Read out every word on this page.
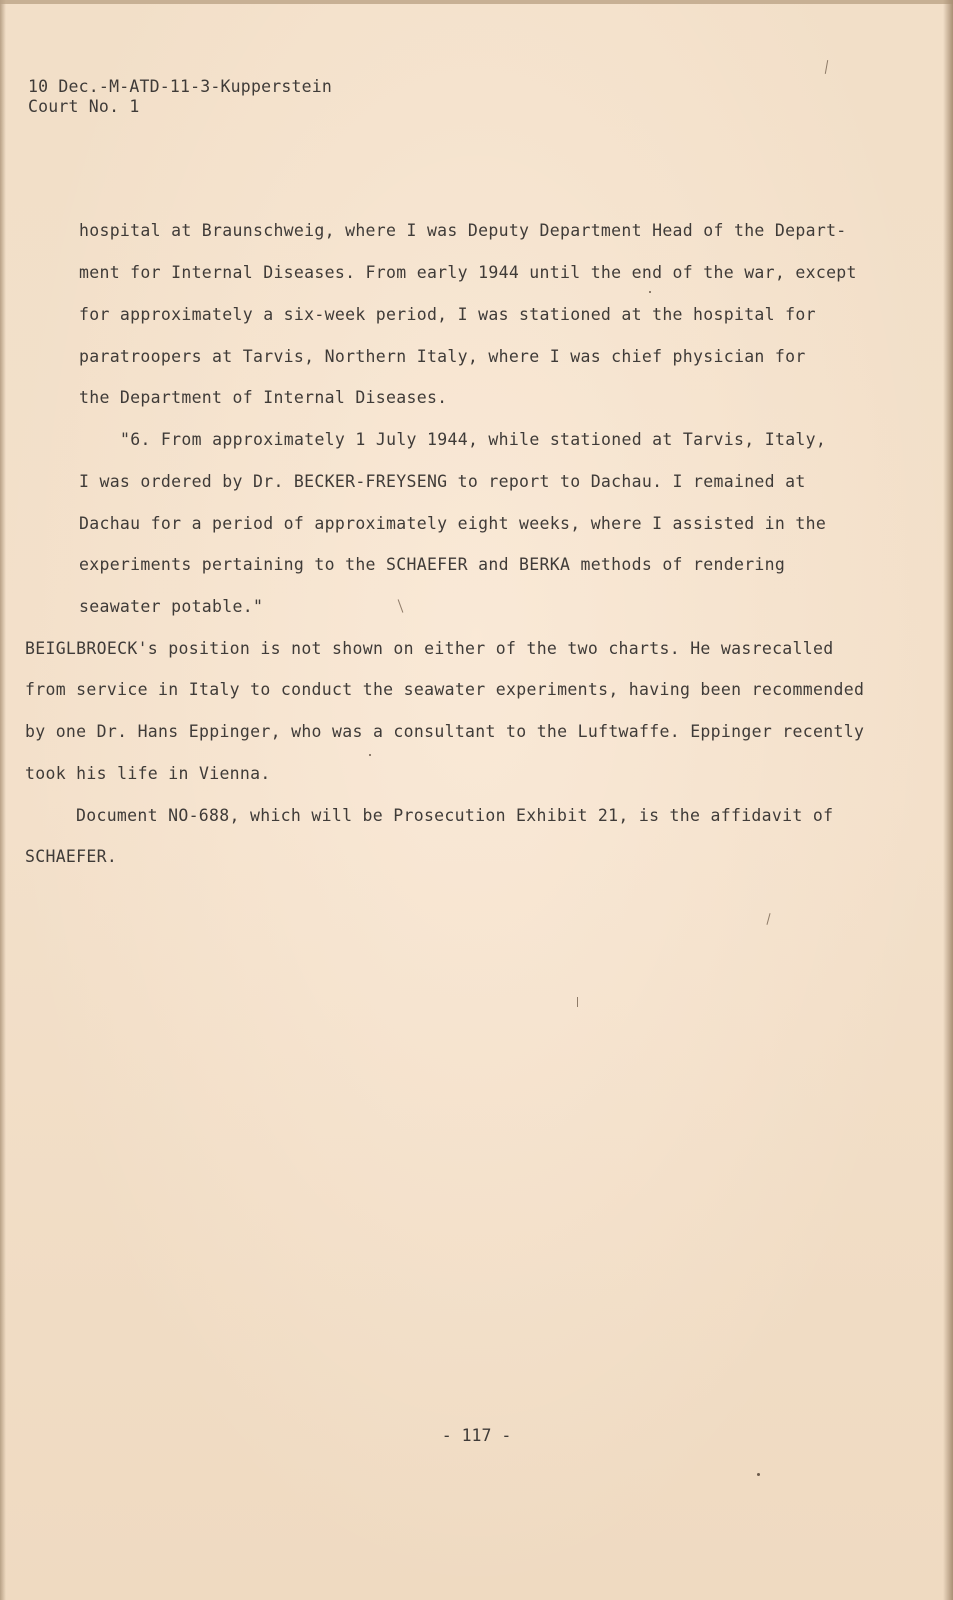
10 Dec.-M-ATD-11-3-Kupperstein
Court No. 1
hospital at Braunschweig, where I was Deputy Department Head of the Depart-
ment for Internal Diseases. From early 1944 until the end of the war, except
for approximately a six-week period, I was stationed at the hospital for
paratroopers at Tarvis, Northern Italy, where I was chief physician for
the Department of Internal Diseases.
"6. From approximately 1 July 1944, while stationed at Tarvis, Italy,
I was ordered by Dr. BECKER-FREYSENG to report to Dachau. I remained at
Dachau for a period of approximately eight weeks, where I assisted in the
experiments pertaining to the SCHAEFER and BERKA methods of rendering
seawater potable."
BEIGLBROECK's position is not shown on either of the two charts. He wasrecalled
from service in Italy to conduct the seawater experiments, having been recommended
by one Dr. Hans Eppinger, who was a consultant to the Luftwaffe. Eppinger recently
took his life in Vienna.
Document NO-688, which will be Prosecution Exhibit 21, is the affidavit of
SCHAEFER.
- 117 -
